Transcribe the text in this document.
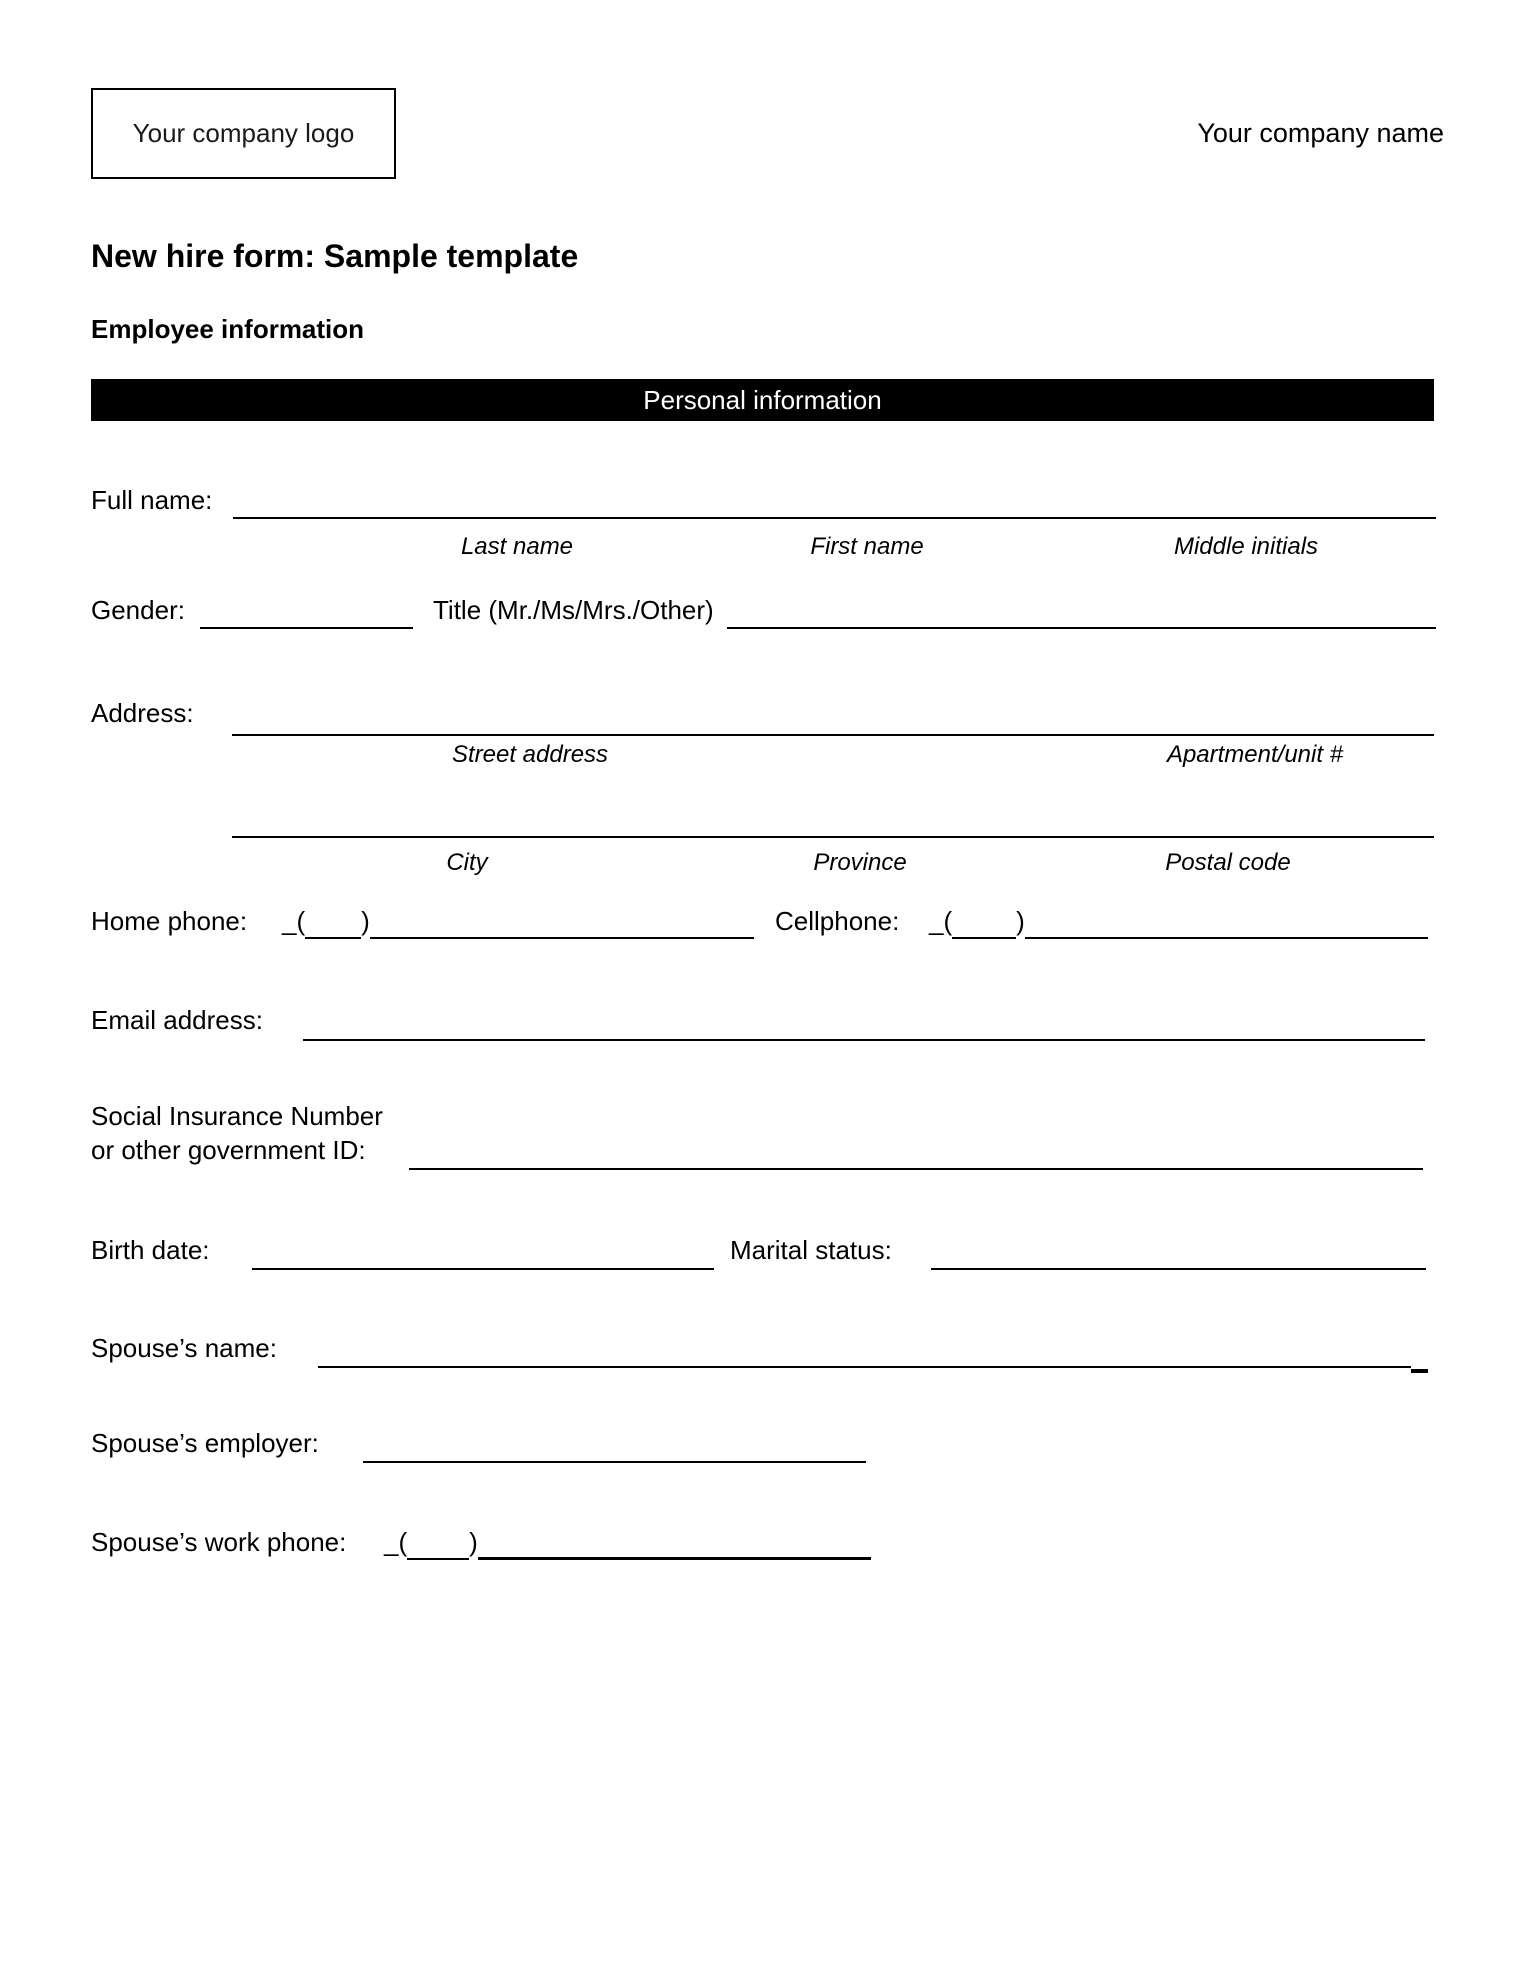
Your company logo	Your company name
New hire form: Sample template
Employee information
Personal information
Full name:
Last name	First name	Middle initials
Gender:	Title (Mr./Ms/Mrs./Other)
Address:
Street address	Apartment/unit #
City	Province	Postal code
Home phone: _( )	Cellphone: _( )
Email address:
Social Insurance Number
or other government ID:
Birth date:	Marital status:
Spouse’s name:
Spouse’s employer:
Spouse’s work phone: _( )
